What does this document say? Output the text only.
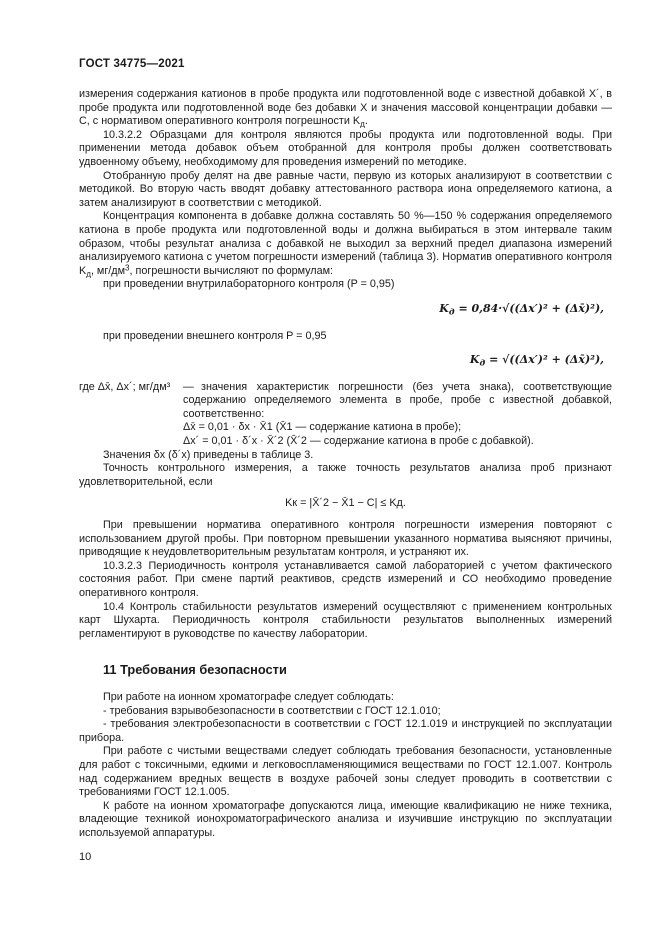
ГОСТ 34775—2021

измерения содержания катионов в пробе продукта или подготовленной воде с известной добавкой X´, в пробе продукта или подготовленной воде без добавки X и значения массовой концентрации добавки — C, с нормативом оперативного контроля погрешности $K_д$.

10.3.2.2 Образцами для контроля являются пробы продукта или подготовленной воды. При применении метода добавок объем отобранной для контроля пробы должен соответствовать удвоенному объему, необходимому для проведения измерений по методике.

Отобранную пробу делят на две равные части, первую из которых анализируют в соответствии с методикой. Во вторую часть вводят добавку аттестованного раствора иона определяемого катиона, а затем анализируют в соответствии с методикой.

Концентрация компонента в добавке должна составлять 50 %—150 % содержания определяемого катиона в пробе продукта или подготовленной воды и должна выбираться в этом интервале таким образом, чтобы результат анализа с добавкой не выходил за верхний предел диапазона измерений анализируемого катиона с учетом погрешности измерений (таблица 3). Норматив оперативного контроля $K_д$, $мг/дм^3$, погрешности вычисляют по формулам:

при проведении внутрилабораторного контроля (P = 0,95)

$K_д = 0,84\cdot√((\Delta x')^2$ + (Δx̄)²),

при проведении внешнего контроля P = 0,95

$K_д = √((\Delta x')^2$ + (Δx̄)²),
где Δx̄, Δx´; мг/дм³	— значения характеристик погрешности (без учета знака), соответствующие содержанию определяемого элемента в пробе, пробе с известной добавкой, соответственно:
Δx̄ = 0,01 · δx · X̄1 (X̄1 — содержание катиона в пробе);
Δx´ = 0,01 · δ´x · X̄´2 (X̄´2 — содержание катиона в пробе с добавкой).

Значения δx (δ´x) приведены в таблице 3.

Точность контрольного измерения, а также точность результатов анализа проб признают удовлетворительной, если

Kк = |X̄´2 − X̄1 − C| ≤ Kд.

При превышении норматива оперативного контроля погрешности измерения повторяют с использованием другой пробы. При повторном превышении указанного норматива выясняют причины, приводящие к неудовлетворительным результатам контроля, и устраняют их.

10.3.2.3 Периодичность контроля устанавливается самой лабораторией с учетом фактического состояния работ. При смене партий реактивов, средств измерений и СО необходимо проведение оперативного контроля.

10.4 Контроль стабильности результатов измерений осуществляют с применением контрольных карт Шухарта. Периодичность контроля стабильности результатов выполненных измерений регламентируют в руководстве по качеству лаборатории.

11 Требования безопасности

При работе на ионном хроматографе следует соблюдать:

- требования взрывобезопасности в соответствии с ГОСТ 12.1.010;

- требования электробезопасности в соответствии с ГОСТ 12.1.019 и инструкцией по эксплуатации прибора.

При работе с чистыми веществами следует соблюдать требования безопасности, установленные для работ с токсичными, едкими и легковоспламеняющимися веществами по ГОСТ 12.1.007. Контроль над содержанием вредных веществ в воздухе рабочей зоны следует проводить в соответствии с требованиями ГОСТ 12.1.005.

К работе на ионном хроматографе допускаются лица, имеющие квалификацию не ниже техника, владеющие техникой ионохроматографического анализа и изучившие инструкцию по эксплуатации используемой аппаратуры.

10
